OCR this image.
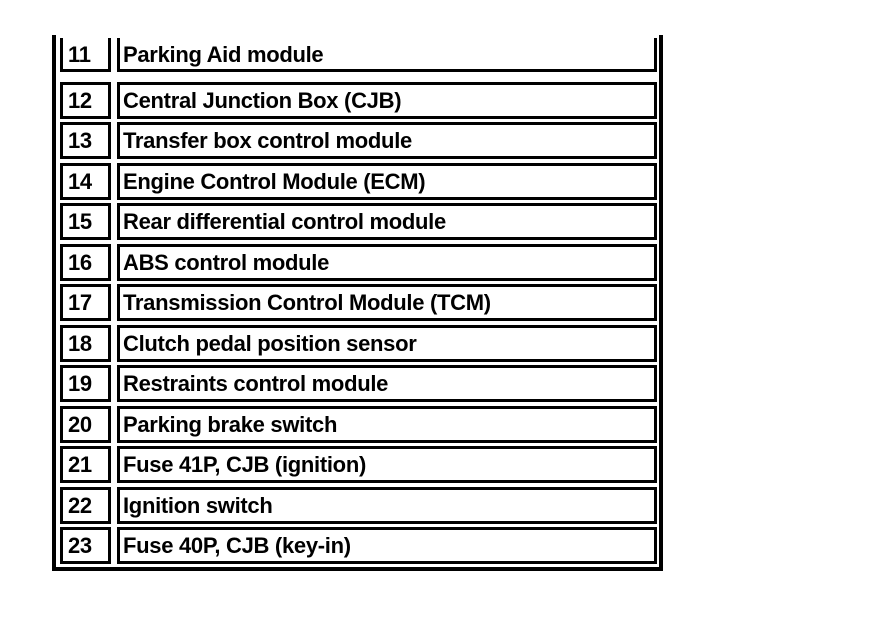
11	Parking Aid module
12	Central Junction Box (CJB)
13	Transfer box control module
14	Engine Control Module (ECM)
15	Rear differential control module
16	ABS control module
17	Transmission Control Module (TCM)
18	Clutch pedal position sensor
19	Restraints control module
20	Parking brake switch
21	Fuse 41P, CJB (ignition)
22	Ignition switch
23	Fuse 40P, CJB (key-in)
